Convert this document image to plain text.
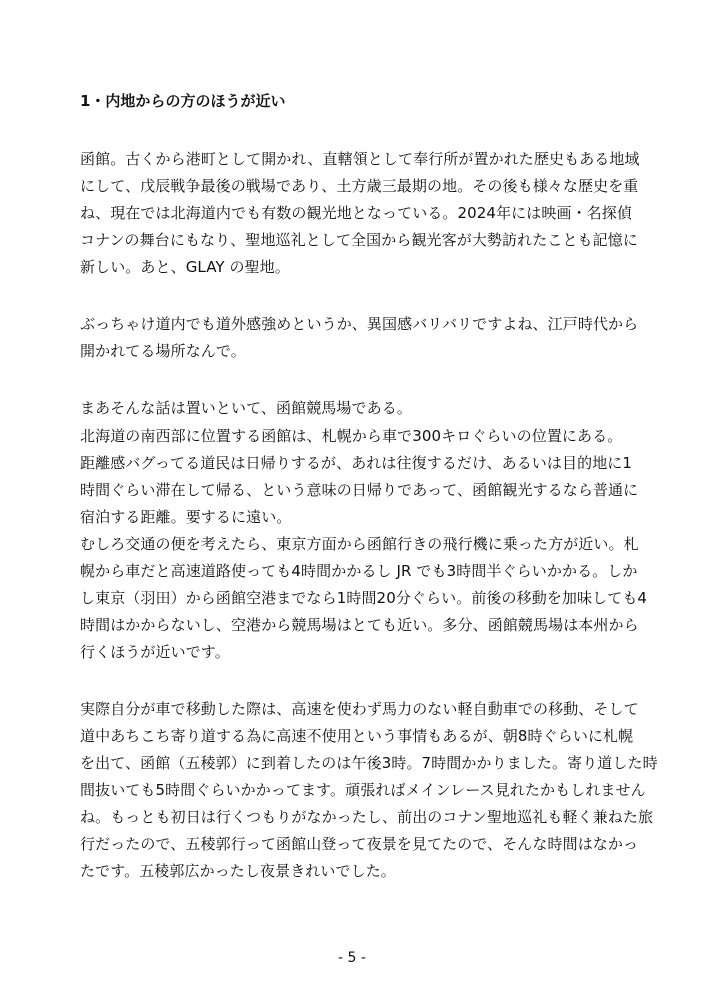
1・内地からの方のほうが近い
函館。古くから港町として開かれ、直轄領として奉行所が置かれた歴史もある地域
にして、戊辰戦争最後の戦場であり、土方歳三最期の地。その後も様々な歴史を重
ね、現在では北海道内でも有数の観光地となっている。2024年には映画・名探偵
コナンの舞台にもなり、聖地巡礼として全国から観光客が大勢訪れたことも記憶に
新しい。あと、GLAY の聖地。
ぶっちゃけ道内でも道外感強めというか、異国感バリバリですよね、江戸時代から
開かれてる場所なんで。
まあそんな話は置いといて、函館競馬場である。
北海道の南西部に位置する函館は、札幌から車で300キロぐらいの位置にある。
距離感バグってる道民は日帰りするが、あれは往復するだけ、あるいは目的地に1
時間ぐらい滞在して帰る、という意味の日帰りであって、函館観光するなら普通に
宿泊する距離。要するに遠い。
むしろ交通の便を考えたら、東京方面から函館行きの飛行機に乗った方が近い。札
幌から車だと高速道路使っても4時間かかるし JR でも3時間半ぐらいかかる。しか
し東京（羽田）から函館空港までなら1時間20分ぐらい。前後の移動を加味しても4
時間はかからないし、空港から競馬場はとても近い。多分、函館競馬場は本州から
行くほうが近いです。
実際自分が車で移動した際は、高速を使わず馬力のない軽自動車での移動、そして
道中あちこち寄り道する為に高速不使用という事情もあるが、朝8時ぐらいに札幌
を出て、函館（五稜郭）に到着したのは午後3時。7時間かかりました。寄り道した時
間抜いても5時間ぐらいかかってます。頑張ればメインレース見れたかもしれません
ね。もっとも初日は行くつもりがなかったし、前出のコナン聖地巡礼も軽く兼ねた旅
行だったので、五稜郭行って函館山登って夜景を見てたので、そんな時間はなかっ
たです。五稜郭広かったし夜景きれいでした。
- 5 -
